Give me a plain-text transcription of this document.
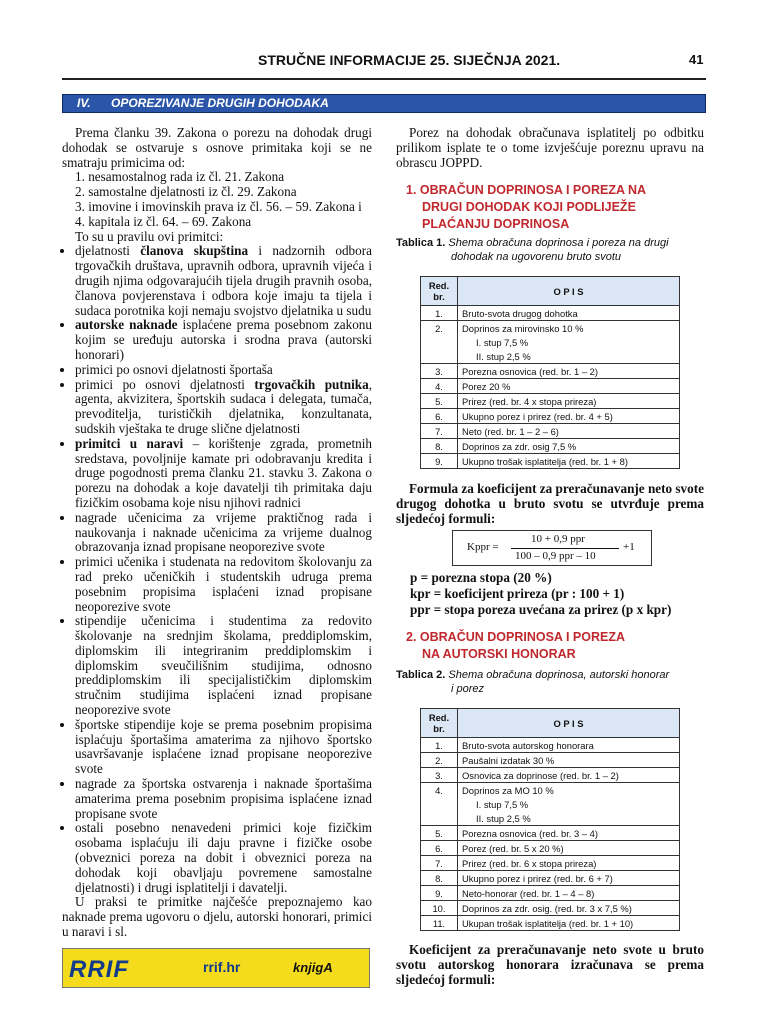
STRUČNE INFORMACIJE 25. SIJEČNJA 2021.	41
IV. OPOREZIVANJE DRUGIH DOHODAKA

Prema članku 39. Zakona o porezu na dohodak drugi dohodak se ostvaruje s osnove primitaka koji se ne smatraju primicima od:

1. nesamostalnog rada iz čl. 21. Zakona
2. samostalne djelatnosti iz čl. 29. Zakona
3. imovine i imovinskih prava iz čl. 56. – 59. Zakona i
4. kapitala iz čl. 64. – 69. Zakona

To su u pravilu ovi primitci:

• djelatnosti članova skupština i nadzornih odbora trgovačkih društava, upravnih odbora, upravnih vijeća i drugih njima odgovarajućih tijela drugih pravnih osoba, članova povjerenstava i odbora koje imaju ta tijela i sudaca porotnika koji nemaju svojstvo djelatnika u sudu
• autorske naknade isplaćene prema posebnom zakonu kojim se uređuju autorska i srodna prava (autorski honorari)
• primici po osnovi djelatnosti športaša
• primici po osnovi djelatnosti trgovačkih putnika, agenta, akvizitera, športskih sudaca i delegata, tumača, prevoditelja, turističkih djelatnika, konzultanata, sudskih vještaka te druge slične djelatnosti
• primitci u naravi – korištenje zgrada, prometnih sredstava, povoljnije kamate pri odobravanju kredita i druge pogodnosti prema članku 21. stavku 3. Zakona o porezu na dohodak a koje davatelji tih primitaka daju fizičkim osobama koje nisu njihovi radnici
• nagrade učenicima za vrijeme praktičnog rada i naukovanja i naknade učenicima za vrijeme dualnog obrazovanja iznad propisane neoporezive svote
• primici učenika i studenata na redovitom školovanju za rad preko učeničkih i studentskih udruga prema posebnim propisima isplaćeni iznad propisane neoporezive svote
• stipendije učenicima i studentima za redovito školovanje na srednjim školama, preddiplomskim, diplomskim ili integriranim preddiplomskim i diplomskim sveučilišnim studijima, odnosno preddiplomskim ili specijalističkim diplomskim stručnim studijima isplaćeni iznad propisane neoporezive svote
• športske stipendije koje se prema posebnim propisima isplaćuju športašima amaterima za njihovo športsko usavršavanje isplaćene iznad propisane neoporezive svote
• nagrade za športska ostvarenja i naknade športašima amaterima prema posebnim propisima isplaćene iznad propisane svote
• ostali posebno nenavedeni primici koje fizičkim osobama isplaćuju ili daju pravne i fizičke osobe (obveznici poreza na dobit i obveznici poreza na dohodak koji obavljaju povremene samostalne djelatnosti) i drugi isplatitelji i davatelji.

U praksi te primitke najčešće prepoznajemo kao naknade prema ugovoru o djelu, autorski honorari, primici u naravi i sl.

Porez na dohodak obračunava isplatitelj po odbitku prilikom isplate te o tome izvješćuje poreznu upravu na obrascu JOPPD.

1. OBRAČUN DOPRINOSA I POREZA NA
DRUGI DOHODAK KOJI PODLIJEŽE
PLAĆANJU DOPRINOSA
Tablica 1. Shema obračuna doprinosa i poreza na drugi
dohodak na ugovorenu bruto svotu
Red.
br.	O P I S
1.	Bruto-svota drugog dohotka
2.	Doprinos za mirovinsko 10 %
	I. stup 7,5 %
	II. stup 2,5 %
3.	Porezna osnovica (red. br. 1 – 2)
4.	Porez 20 %
5.	Prirez (red. br. 4 x stopa prireza)
6.	Ukupno porez i prirez (red. br. 4 + 5)
7.	Neto (red. br. 1 – 2 – 6)
8.	Doprinos za zdr. osig 7,5 %
9.	Ukupno trošak isplatitelja (red. br. 1 + 8)

Formula za koeficijent za preračunavanje neto svote drugog dohotka u bruto svotu se utvrđuje prema sljedećoj formuli:

Kppr =
10 + 0,9 ppr
100 – 0,9 ppr – 10
+1
p = porezna stopa (20 %)
kpr = koeficijent prireza (pr : 100 + 1)
ppr = stopa poreza uvećana za prirez (p x kpr)
2. OBRAČUN DOPRINOSA I POREZA
NA AUTORSKI HONORAR
Tablica 2. Shema obračuna doprinosa, autorski honorar
i porez
Red.
br.	O P I S
1.	Bruto-svota autorskog honorara
2.	Paušalni izdatak 30 %
3.	Osnovica za doprinose (red. br. 1 – 2)
4.	Doprinos za MO 10 %
	I. stup 7,5 %
	II. stup 2,5 %
5.	Porezna osnovica (red. br. 3 – 4)
6.	Porez (red. br. 5 x 20 %)
7.	Prirez (red. br. 6 x stopa prireza)
8.	Ukupno porez i prirez (red. br. 6 + 7)
9.	Neto-honorar (red. br. 1 – 4 – 8)
10.	Doprinos za zdr. osig. (red. br. 3 x 7,5 %)
11.	Ukupan trošak isplatitelja (red. br. 1 + 10)

Koeficijent za preračunavanje neto svote u bruto svotu autorskog honorara izračunava se prema sljedećoj formuli:

RRIF	rrif.hr	knjigA
